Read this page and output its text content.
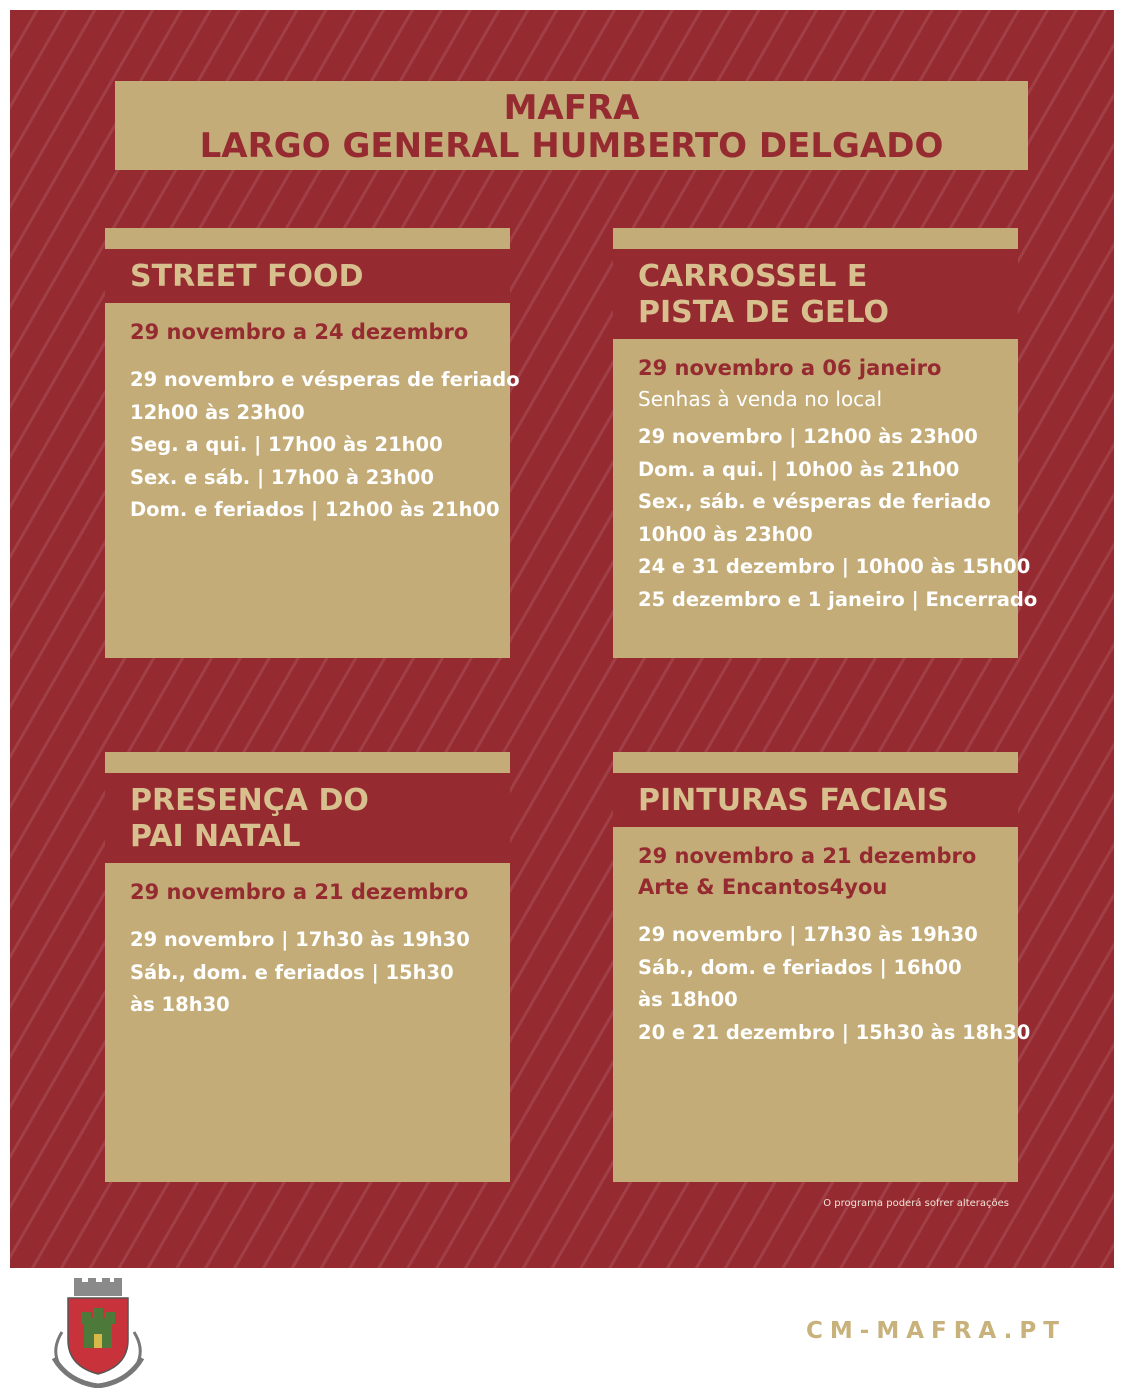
MAFRA
LARGO GENERAL HUMBERTO DELGADO
STREET FOOD
29 novembro a 24 dezembro
29 novembro e vésperas de feriado
12h00 às 23h00
Seg. a qui. | 17h00 às 21h00
Sex. e sáb. | 17h00 à 23h00
Dom. e feriados | 12h00 às 21h00
CARROSSEL E
PISTA DE GELO
29 novembro a 06 janeiro
Senhas à venda no local
29 novembro | 12h00 às 23h00
Dom. a qui. | 10h00 às 21h00
Sex., sáb. e vésperas de feriado
10h00 às 23h00
24 e 31 dezembro | 10h00 às 15h00
25 dezembro e 1 janeiro | Encerrado
PRESENÇA DO
PAI NATAL
29 novembro a 21 dezembro
29 novembro | 17h30 às 19h30
Sáb., dom. e feriados | 15h30 às 18h30
PINTURAS FACIAIS
29 novembro a 21 dezembro
Arte & Encantos4you
29 novembro | 17h30 às 19h30
Sáb., dom. e feriados | 16h00 às 18h00
20 e 21 dezembro | 15h30 às 18h30
O programa poderá sofrer alterações
CM-MAFRA.PT
